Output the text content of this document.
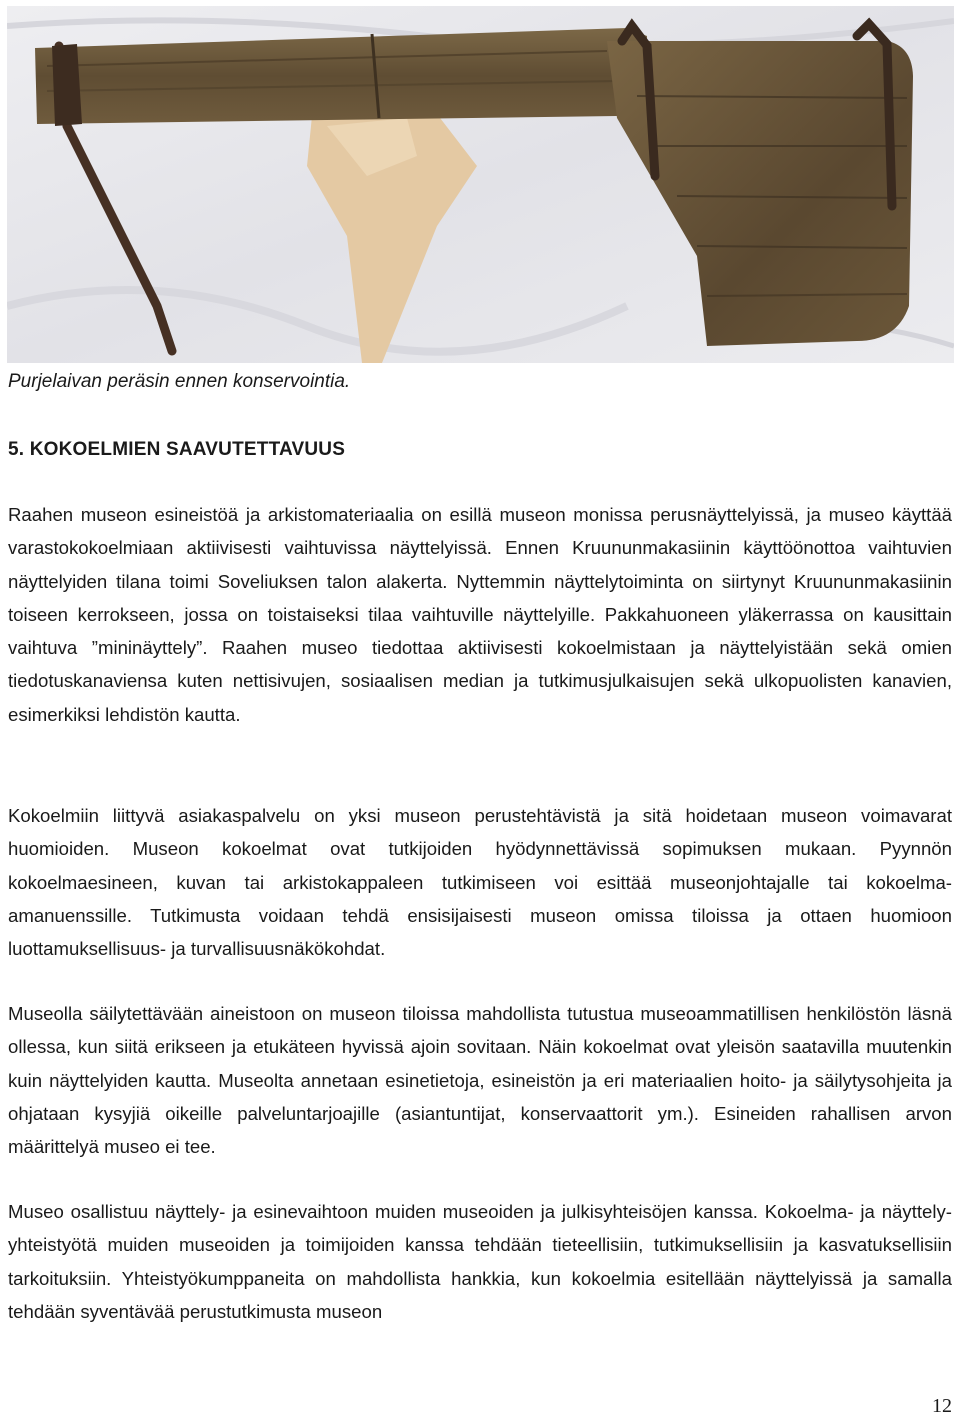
Purjelaivan peräsin ennen konservointia.
5. KOKOELMIEN SAAVUTETTAVUUS

Raahen museon esineistöä ja arkistomateriaalia on esillä museon monissa perusnäyttelyissä, ja museo käyttää varastokokoelmiaan aktiivisesti vaihtuvissa näyttelyissä. Ennen Kruununmakasiinin käyttöönottoa vaihtuvien näyttelyiden tilana toimi Soveliuksen talon alakerta. Nyttemmin näyttelytoiminta on siirtynyt Kruununmakasiinin toiseen kerrokseen, jossa on toistaiseksi tilaa vaihtuville näyttelyille. Pakkahuoneen yläkerrassa on kausittain vaihtuva ”mininäyttely”. Raahen museo tiedottaa aktiivisesti kokoelmistaan ja näyttelyistään sekä omien tiedotuskanaviensa kuten nettisivujen, sosiaalisen median ja tutkimusjulkaisujen sekä ulkopuolisten kanavien, esimerkiksi lehdistön kautta.

Kokoelmiin liittyvä asiakaspalvelu on yksi museon perustehtävistä ja sitä hoidetaan museon voimavarat huomioiden. Museon kokoelmat ovat tutkijoiden hyödynnettävissä sopimuksen mukaan. Pyynnön kokoelmaesineen, kuvan tai arkistokappaleen tutkimiseen voi esittää museonjohtajalle tai kokoelma-amanuenssille. Tutkimusta voidaan tehdä ensisijaisesti museon omissa tiloissa ja ottaen huomioon luottamuksellisuus- ja turvallisuusnäkökohdat.

Museolla säilytettävään aineistoon on museon tiloissa mahdollista tutustua museoammatillisen henkilöstön läsnä ollessa, kun siitä erikseen ja etukäteen hyvissä ajoin sovitaan. Näin kokoelmat ovat yleisön saatavilla muutenkin kuin näyttelyiden kautta. Museolta annetaan esinetietoja, esineistön ja eri materiaalien hoito- ja säilytysohjeita ja ohjataan kysyjiä oikeille palveluntarjoajille (asiantuntijat, konservaattorit ym.). Esineiden rahallisen arvon määrittelyä museo ei tee.

Museo osallistuu näyttely- ja esinevaihtoon muiden museoiden ja julkisyhteisöjen kanssa. Kokoelma- ja näyttely-yhteistyötä muiden museoiden ja toimijoiden kanssa tehdään tieteellisiin, tutkimuksellisiin ja kasvatuksellisiin tarkoituksiin. Yhteistyökumppaneita on mahdollista hankkia, kun kokoelmia esitellään näyttelyissä ja samalla tehdään syventävää perustutkimusta museon

12
